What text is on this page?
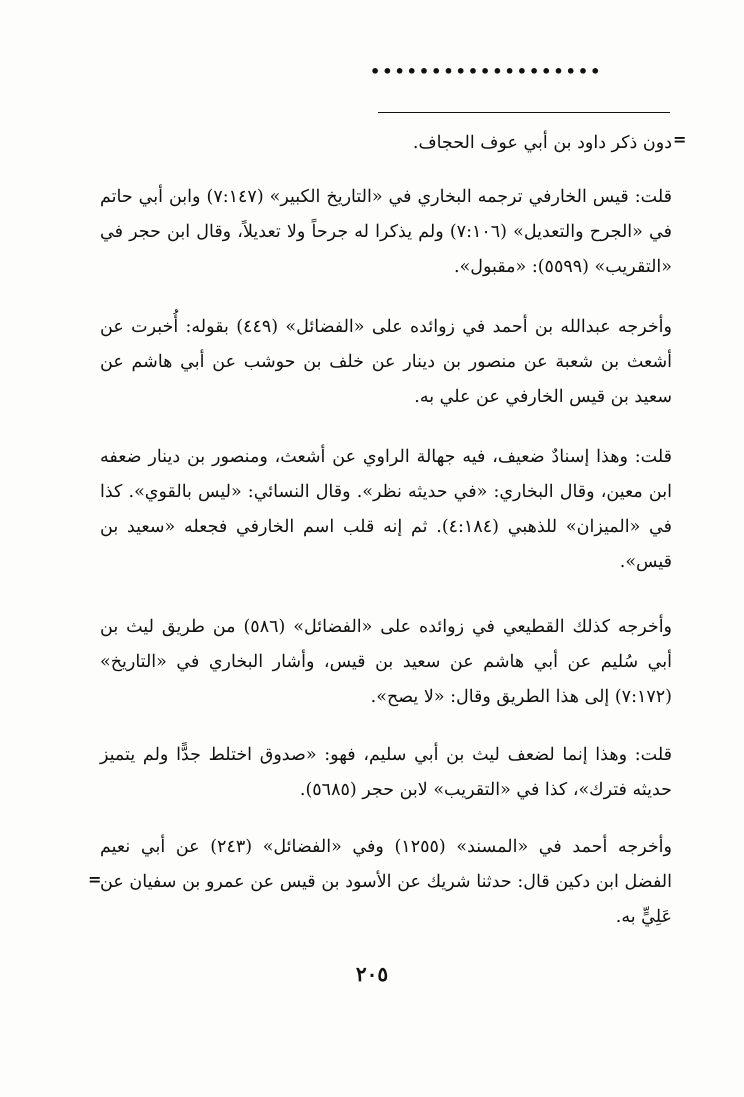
•••••••••••••••••••
=
دون ذكر داود بن أبي عوف الحجاف.
قلت: قيس الخارفي ترجمه البخاري في «التاريخ الكبير» (٧:١٤٧) وابن أبي حاتم في «الجرح والتعديل» (٧:١٠٦) ولم يذكرا له جرحاً ولا تعديلاً، وقال ابن حجر في «التقريب» (٥٥٩٩): «مقبول».
وأخرجه عبدالله بن أحمد في زوائده على «الفضائل» (٤٤٩) بقوله: أُخبرت عن أشعث بن شعبة عن منصور بن دينار عن خلف بن حوشب عن أبي هاشم عن سعيد بن قيس الخارفي عن علي به.
قلت: وهذا إسنادٌ ضعيف، فيه جهالة الراوي عن أشعث، ومنصور بن دينار ضعفه ابن معين، وقال البخاري: «في حديثه نظر». وقال النسائي: «ليس بالقوي». كذا في «الميزان» للذهبي (٤:١٨٤). ثم إنه قلب اسم الخارفي فجعله «سعيد بن قيس».
وأخرجه كذلك القطيعي في زوائده على «الفضائل» (٥٨٦) من طريق ليث بن أبي سُليم عن أبي هاشم عن سعيد بن قيس، وأشار البخاري في «التاريخ» (٧:١٧٢) إلى هذا الطريق وقال: «لا يصح».
قلت: وهذا إنما لضعف ليث بن أبي سليم، فهو: «صدوق اختلط جدًّا ولم يتميز حديثه فترك»، كذا في «التقريب» لابن حجر (٥٦٨٥).
وأخرجه أحمد في «المسند» (١٢٥٥) وفي «الفضائل» (٢٤٣) عن أبي نعيم الفضل ابن دكين قال: حدثنا شريك عن الأسود بن قيس عن عمرو بن سفيان عن عَلِيٍّ به.
=
٢٠٥
